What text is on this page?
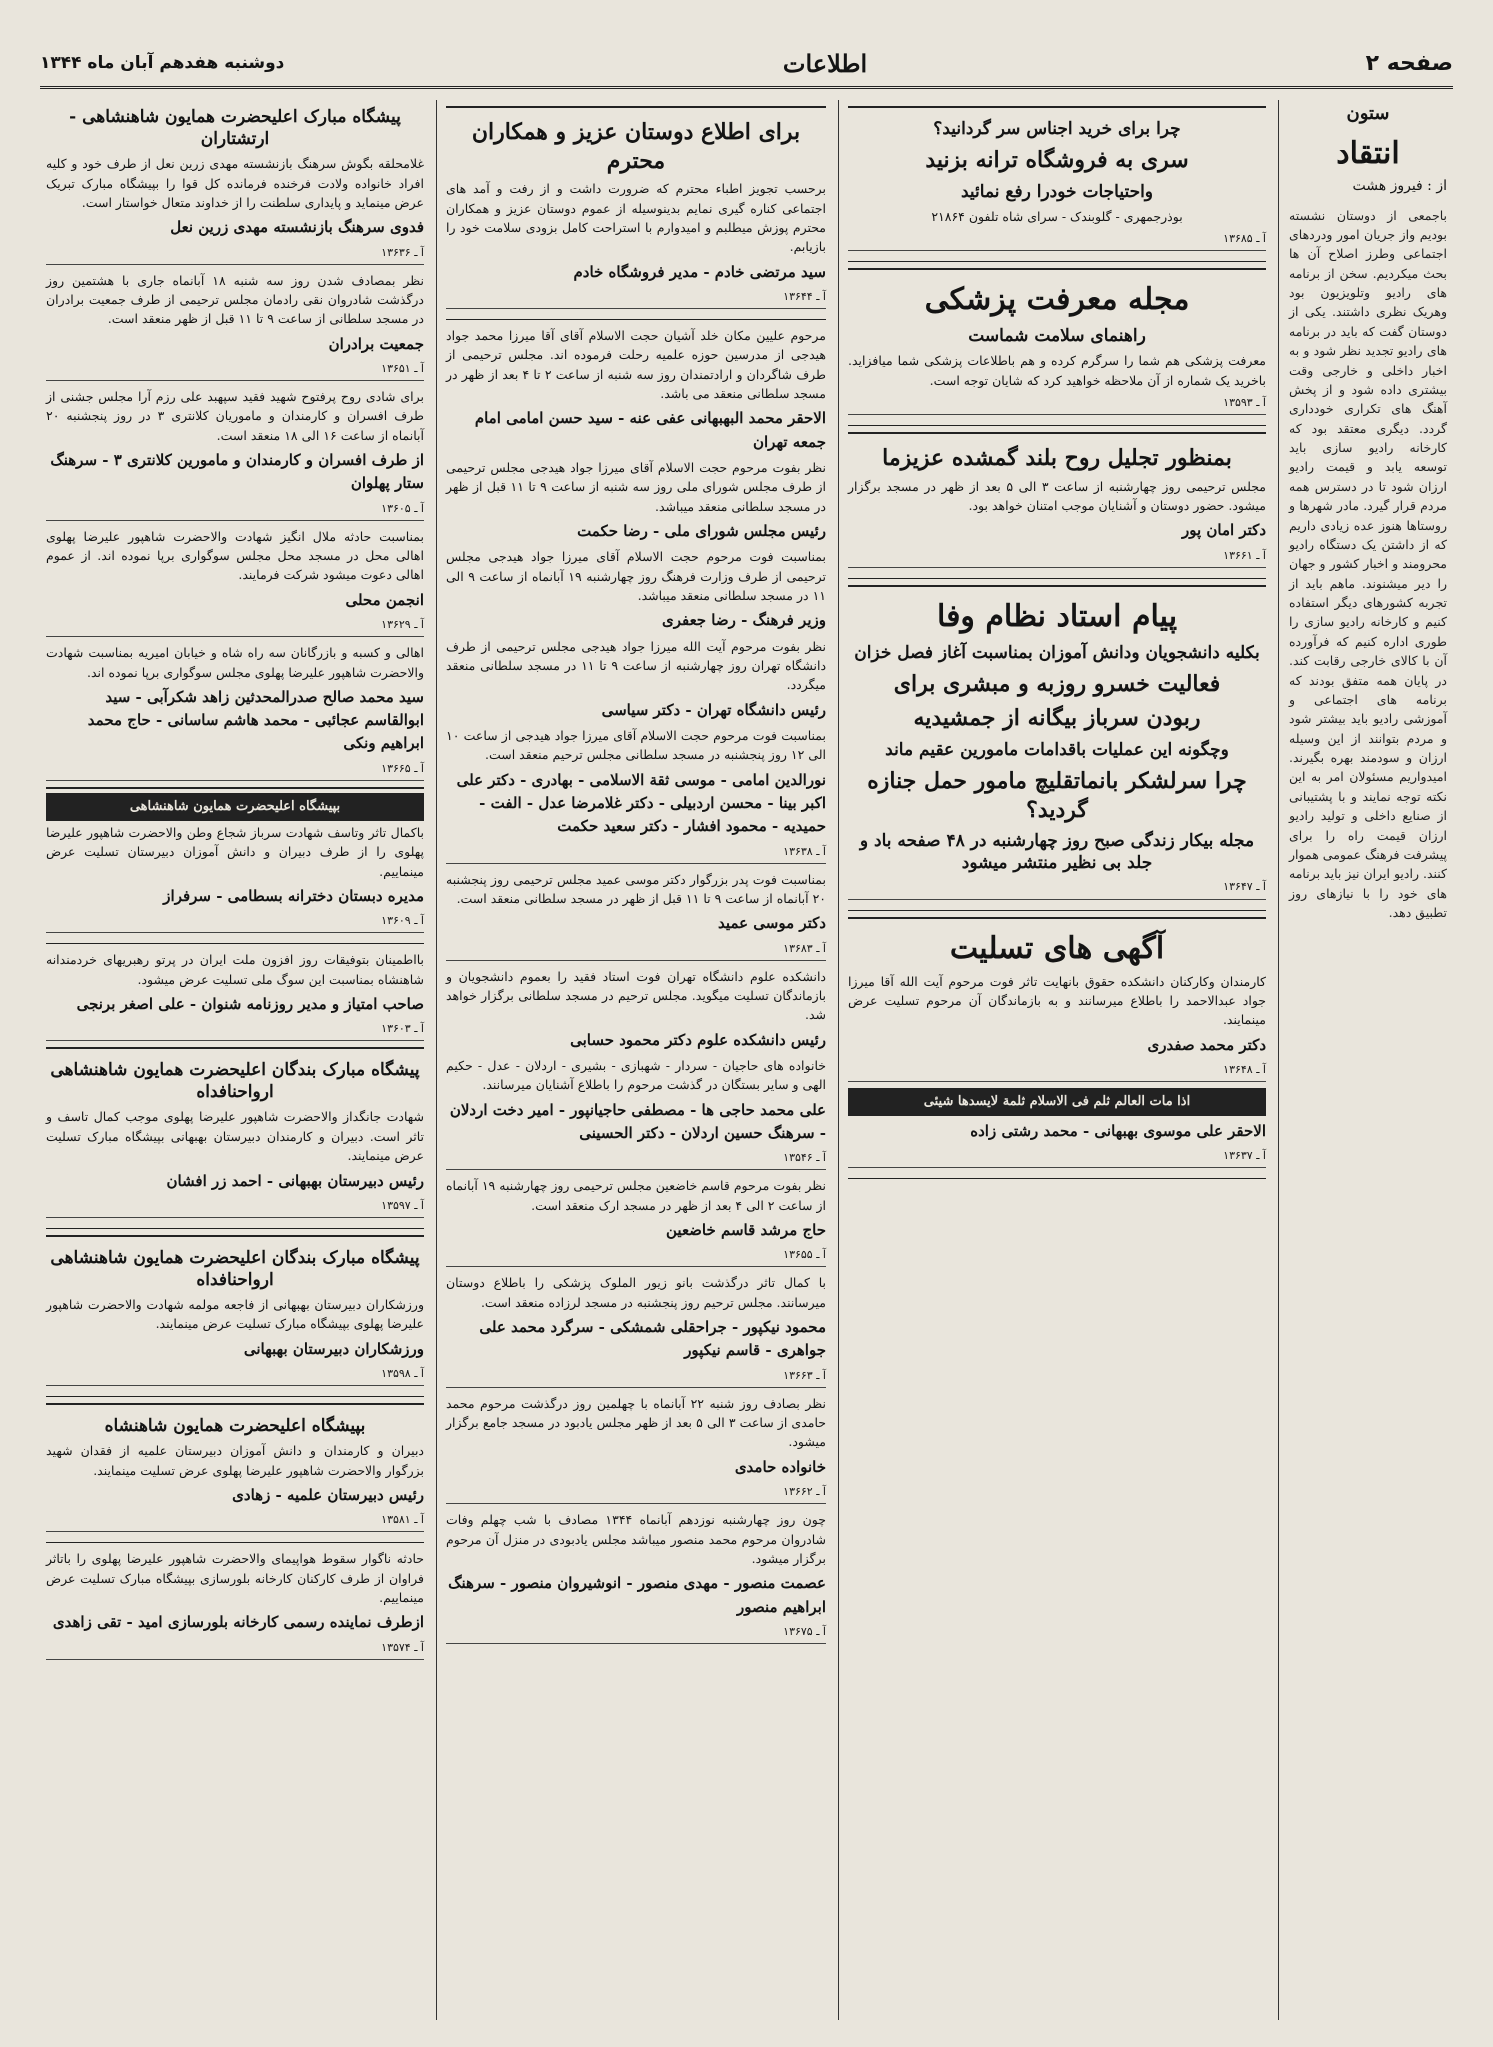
صفحه ۲
اطلاعات
دوشنبه هفدهم آبان ماه ۱۳۴۴
ستون
انتقاد
از : فیروز هشت

باجمعی از دوستان نشسته بودیم واز جریان امور ودردهای اجتماعی وطرز اصلاح آن ها بحث میکردیم. سخن از برنامه های رادیو وتلویزیون بود وهریک نظری داشتند. یکی از دوستان گفت که باید در برنامه های رادیو تجدید نظر شود و به اخبار داخلی و خارجی وقت بیشتری داده شود و از پخش آهنگ های تکراری خودداری گردد. دیگری معتقد بود که کارخانه رادیو سازی باید توسعه یابد و قیمت رادیو ارزان شود تا در دسترس همه مردم قرار گیرد. مادر شهرها و روستاها هنوز عده زیادی داریم که از داشتن یک دستگاه رادیو محرومند و اخبار کشور و جهان را دیر میشنوند. ماهم باید از تجربه کشورهای دیگر استفاده کنیم و کارخانه رادیو سازی را طوری اداره کنیم که فرآورده آن با کالای خارجی رقابت کند. در پایان همه متفق بودند که برنامه های اجتماعی و آموزشی رادیو باید بیشتر شود و مردم بتوانند از این وسیله ارزان و سودمند بهره بگیرند. امیدواریم مسئولان امر به این نکته توجه نمایند و با پشتیبانی از صنایع داخلی و تولید رادیو ارزان قیمت راه را برای پیشرفت فرهنگ عمومی هموار کنند. رادیو ایران نیز باید برنامه های خود را با نیازهای روز تطبیق دهد.

چرا برای خرید اجناس سر گردانید؟
سری به فروشگاه ترانه بزنید
واحتیاجات خودرا رفع نمائید

بوذرجمهری - گلوبندک - سرای شاه تلفون ۲۱۸۶۴

آ ـ ۱۳۶۸۵
مجله معرفت پزشکی
راهنمای سلامت شماست

معرفت پزشکی هم شما را سرگرم کرده و هم باطلاعات پزشکی شما میافزاید. باخرید یک شماره از آن ملاحظه خواهید کرد که شایان توجه است.

آ ـ ۱۳۵۹۳
بمنظور تجلیل روح بلند گمشده عزیزما

مجلس ترحیمی روز چهارشنبه از ساعت ۳ الی ۵ بعد از ظهر در مسجد برگزار میشود. حضور دوستان و آشنایان موجب امتنان خواهد بود.

دکتر امان پور
آ ـ ۱۳۶۶۱
پیام استاد نظام وفا
بکلیه دانشجویان ودانش آموزان بمناسبت آغاز فصل خزان
فعالیت خسرو روزبه و مبشری برای
ربودن سرباز بیگانه از جمشیدیه
وچگونه این عملیات باقدامات مامورین عقیم ماند
چرا سرلشکر بانماتقلیچ مامور حمل جنازه گردید؟
مجله بیکار زندگی صبح روز چهارشنبه در ۴۸ صفحه باد و جلد بی نظیر منتشر میشود
آ ـ ۱۳۶۴۷
آگهی های تسلیت

کارمندان وکارکنان دانشکده حقوق بانهایت تاثر فوت مرحوم آیت الله آقا میرزا جواد عبدالاحمد را باطلاع میرسانند و به بازماندگان آن مرحوم تسلیت عرض مینمایند.

دکتر محمد صفدری
آ ـ ۱۳۶۴۸
اذا مات العالم ثلم فی الاسلام ثلمة لایسدها شیئی
الاحقر علی موسوی بهبهانی - محمد رشتی زاده
آ ـ ۱۳۶۳۷
برای اطلاع دوستان عزیز و همکاران محترم

برحسب تجویز اطباء محترم که ضرورت داشت و از رفت و آمد های اجتماعی کناره گیری نمایم بدینوسیله از عموم دوستان عزیز و همکاران محترم پوزش میطلبم و امیدوارم با استراحت کامل بزودی سلامت خود را بازیابم.

سید مرتضی خادم - مدیر فروشگاه خادم
آ ـ ۱۳۶۴۴

مرحوم علیین مکان خلد آشیان حجت الاسلام آقای آقا میرزا محمد جواد هیدجی از مدرسین حوزه علمیه رحلت فرموده اند. مجلس ترحیمی از طرف شاگردان و ارادتمندان روز سه شنبه از ساعت ۲ تا ۴ بعد از ظهر در مسجد سلطانی منعقد می باشد.

الاحقر محمد البهبهانی عفی عنه - سید حسن امامی امام جمعه تهران

نظر بفوت مرحوم حجت الاسلام آقای میرزا جواد هیدجی مجلس ترحیمی از طرف مجلس شورای ملی روز سه شنبه از ساعت ۹ تا ۱۱ قبل از ظهر در مسجد سلطانی منعقد میباشد.

رئیس مجلس شورای ملی - رضا حکمت

بمناسبت فوت مرحوم حجت الاسلام آقای میرزا جواد هیدجی مجلس ترحیمی از طرف وزارت فرهنگ روز چهارشنبه ۱۹ آبانماه از ساعت ۹ الی ۱۱ در مسجد سلطانی منعقد میباشد.

وزیر فرهنگ - رضا جعفری

نظر بفوت مرحوم آیت الله میرزا جواد هیدجی مجلس ترحیمی از طرف دانشگاه تهران روز چهارشنبه از ساعت ۹ تا ۱۱ در مسجد سلطانی منعقد میگردد.

رئیس دانشگاه تهران - دکتر سیاسی

بمناسبت فوت مرحوم حجت الاسلام آقای میرزا جواد هیدجی از ساعت ۱۰ الی ۱۲ روز پنجشنبه در مسجد سلطانی مجلس ترحیم منعقد است.

نورالدین امامی - موسی ثقة الاسلامی - بهادری - دکتر علی اکبر بینا - محسن اردبیلی - دکتر غلامرضا عدل - الفت - حمیدیه - محمود افشار - دکتر سعید حکمت
آ ـ ۱۳۶۳۸

بمناسبت فوت پدر بزرگوار دکتر موسی عمید مجلس ترحیمی روز پنجشنبه ۲۰ آبانماه از ساعت ۹ تا ۱۱ قبل از ظهر در مسجد سلطانی منعقد است.

دکتر موسی عمید
آ ـ ۱۳۶۸۳

دانشکده علوم دانشگاه تهران فوت استاد فقید را بعموم دانشجویان و بازماندگان تسلیت میگوید. مجلس ترحیم در مسجد سلطانی برگزار خواهد شد.

رئیس دانشکده علوم دکتر محمود حسابی

خانواده های حاجیان - سردار - شهبازی - بشیری - اردلان - عدل - حکیم الهی و سایر بستگان در گذشت مرحوم را باطلاع آشنایان میرسانند.

علی محمد حاجی ها - مصطفی حاجیانپور - امیر دخت اردلان - سرهنگ حسین اردلان - دکتر الحسینی
آ ـ ۱۳۵۴۶

نظر بفوت مرحوم قاسم خاضعین مجلس ترحیمی روز چهارشنبه ۱۹ آبانماه از ساعت ۲ الی ۴ بعد از ظهر در مسجد ارک منعقد است.

حاج مرشد قاسم خاضعین
آ ـ ۱۳۶۵۵

با کمال تاثر درگذشت بانو زیور الملوک پزشکی را باطلاع دوستان میرسانند. مجلس ترحیم روز پنجشنبه در مسجد لرزاده منعقد است.

محمود نیکپور - جراحقلی شمشکی - سرگرد محمد علی جواهری - قاسم نیکپور
آ ـ ۱۳۶۶۳

نظر بصادف روز شنبه ۲۲ آبانماه با چهلمین روز درگذشت مرحوم محمد حامدی از ساعت ۳ الی ۵ بعد از ظهر مجلس یادبود در مسجد جامع برگزار میشود.

خانواده حامدی
آ ـ ۱۳۶۶۲

چون روز چهارشنبه نوزدهم آبانماه ۱۳۴۴ مصادف با شب چهلم وفات شادروان مرحوم محمد منصور میباشد مجلس یادبودی در منزل آن مرحوم برگزار میشود.

عصمت منصور - مهدی منصور - انوشیروان منصور - سرهنگ ابراهیم منصور
آ ـ ۱۳۶۷۵
پیشگاه مبارک اعلیحضرت همایون شاهنشاهی - ارتشتاران

غلامحلقه بگوش سرهنگ بازنشسته مهدی زرین نعل از طرف خود و کلیه افراد خانواده ولادت فرخنده فرمانده کل قوا را بپیشگاه مبارک تبریک عرض مینماید و پایداری سلطنت را از خداوند متعال خواستار است.

فدوی سرهنگ بازنشسته مهدی زرین نعل
آ ـ ۱۳۶۳۶

نظر بمصادف شدن روز سه شنبه ۱۸ آبانماه جاری با هشتمین روز درگذشت شادروان نقی رادمان مجلس ترحیمی از طرف جمعیت برادران در مسجد سلطانی از ساعت ۹ تا ۱۱ قبل از ظهر منعقد است.

جمعیت برادران
آ ـ ۱۳۶۵۱

برای شادی روح پرفتوح شهید فقید سپهبد علی رزم آرا مجلس جشنی از طرف افسران و کارمندان و ماموریان کلانتری ۳ در روز پنجشنبه ۲۰ آبانماه از ساعت ۱۶ الی ۱۸ منعقد است.

از طرف افسران و کارمندان و مامورین کلانتری ۳ - سرهنگ ستار پهلوان
آ ـ ۱۳۶۰۵

بمناسبت حادثه ملال انگیز شهادت والاحضرت شاهپور علیرضا پهلوی اهالی محل در مسجد محل مجلس سوگواری برپا نموده اند. از عموم اهالی دعوت میشود شرکت فرمایند.

انجمن محلی
آ ـ ۱۳۶۲۹

اهالی و کسبه و بازرگانان سه راه شاه و خیابان امیریه بمناسبت شهادت والاحضرت شاهپور علیرضا پهلوی مجلس سوگواری برپا نموده اند.

سید محمد صالح صدرالمحدثین زاهد شکرآبی - سید ابوالقاسم عجائبی - محمد هاشم ساسانی - حاج محمد ابراهیم ونکی
آ ـ ۱۳۶۶۵
بپیشگاه اعلیحضرت همایون شاهنشاهی

باکمال تاثر وتاسف شهادت سرباز شجاع وطن والاحضرت شاهپور علیرضا پهلوی را از طرف دبیران و دانش آموزان دبیرستان تسلیت عرض مینماییم.

مدیره دبستان دخترانه بسطامی - سرفراز
آ ـ ۱۳۶۰۹

بااطمینان بتوفیقات روز افزون ملت ایران در پرتو رهبریهای خردمندانه شاهنشاه بمناسبت این سوگ ملی تسلیت عرض میشود.

صاحب امتیاز و مدیر روزنامه شنوان - علی اصغر برنجی
آ ـ ۱۳۶۰۳
پیشگاه مبارک بندگان اعلیحضرت همایون شاهنشاهی ارواحنافداه

شهادت جانگداز والاحضرت شاهپور علیرضا پهلوی موجب کمال تاسف و تاثر است. دبیران و کارمندان دبیرستان بهبهانی بپیشگاه مبارک تسلیت عرض مینمایند.

رئیس دبیرستان بهبهانی - احمد زر افشان
آ ـ ۱۳۵۹۷
پیشگاه مبارک بندگان اعلیحضرت همایون شاهنشاهی ارواحنافداه

ورزشکاران دبیرستان بهبهانی از فاجعه مولمه شهادت والاحضرت شاهپور علیرضا پهلوی بپیشگاه مبارک تسلیت عرض مینمایند.

ورزشکاران دبیرستان بهبهانی
آ ـ ۱۳۵۹۸
بپیشگاه اعلیحضرت همایون شاهنشاه

دبیران و کارمندان و دانش آموزان دبیرستان علمیه از فقدان شهید بزرگوار والاحضرت شاهپور علیرضا پهلوی عرض تسلیت مینمایند.

رئیس دبیرستان علمیه - زهادی
آ ـ ۱۳۵۸۱

حادثه ناگوار سقوط هواپیمای والاحضرت شاهپور علیرضا پهلوی را باتاثر فراوان از طرف کارکنان کارخانه بلورسازی بپیشگاه مبارک تسلیت عرض مینماییم.

ازطرف نماینده رسمی کارخانه بلورسازی امید - تقی زاهدی
آ ـ ۱۳۵۷۴
